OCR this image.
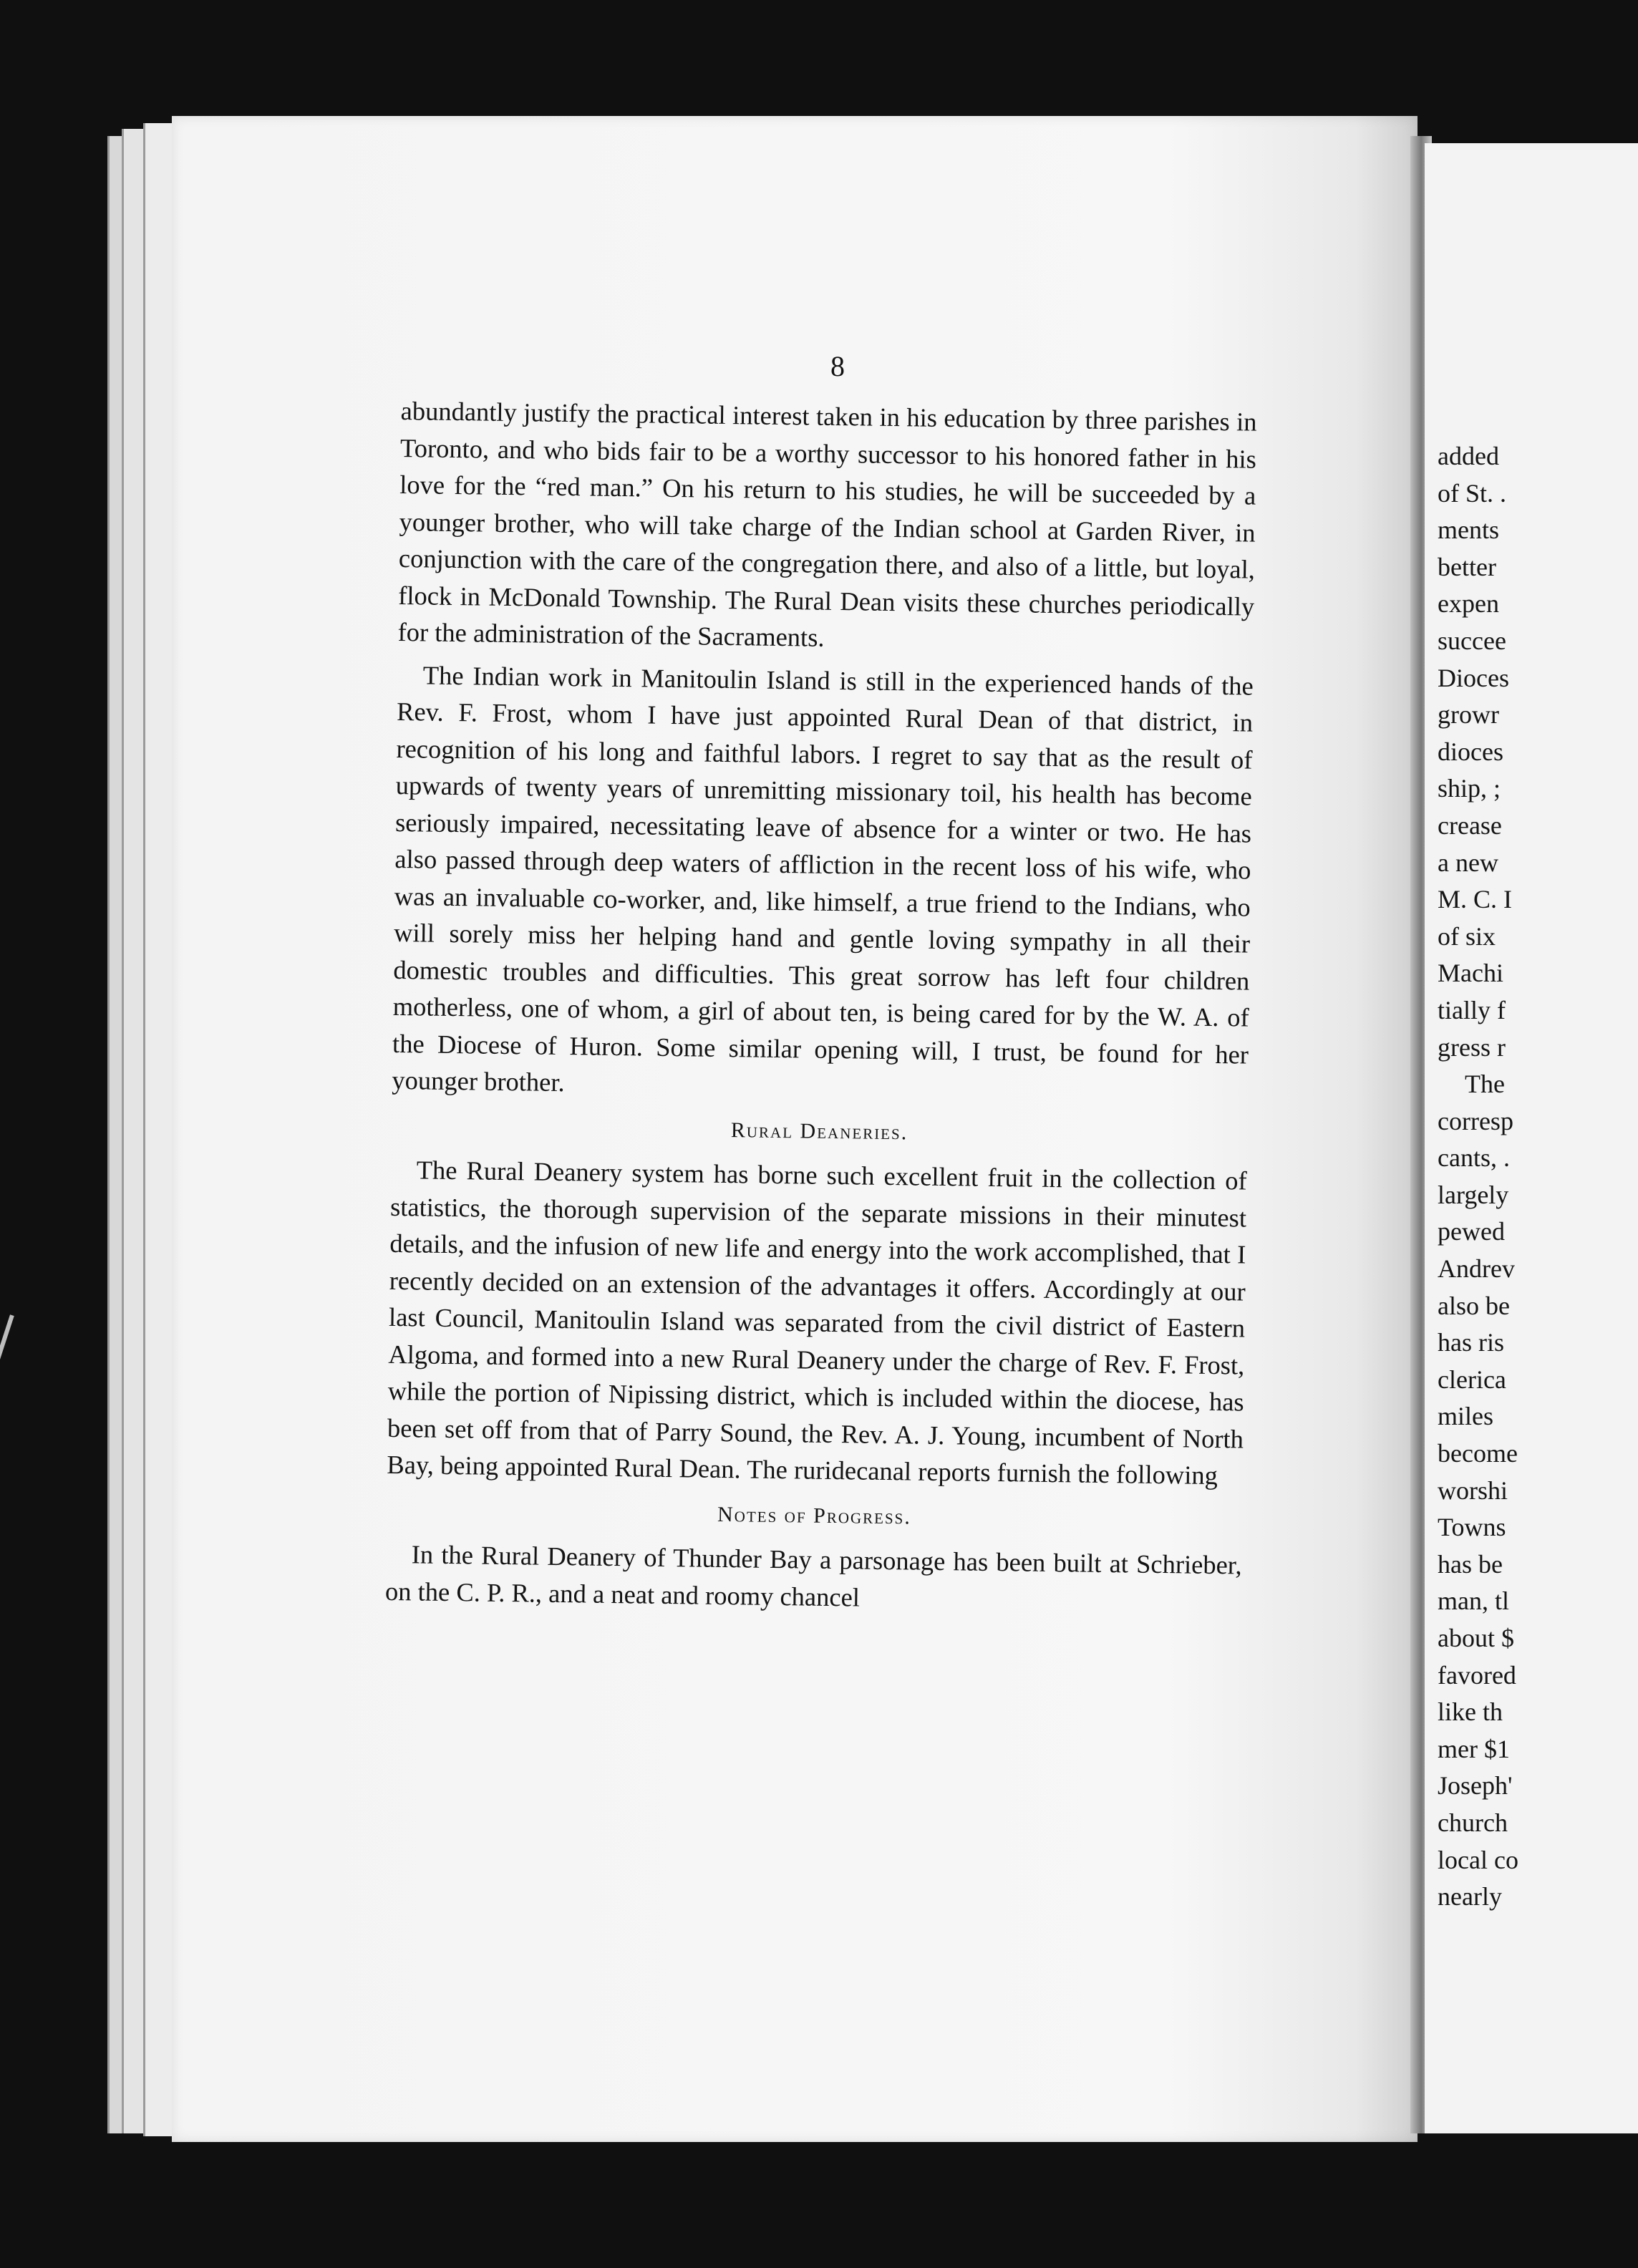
8

abundantly justify the practical interest taken in his education by three parishes in Toronto, and who bids fair to be a worthy successor to his honored father in his love for the “red man.” On his return to his studies, he will be succeeded by a younger brother, who will take charge of the Indian school at Garden River, in conjunction with the care of the congregation there, and also of a little, but loyal, flock in McDonald Township. The Rural Dean visits these churches periodically for the administration of the Sacraments.

The Indian work in Manitoulin Island is still in the experienced hands of the Rev. F. Frost, whom I have just appointed Rural Dean of that district, in recognition of his long and faithful labors. I regret to say that as the result of upwards of twenty years of unremitting missionary toil, his health has become seriously impaired, necessitating leave of absence for a winter or two. He has also passed through deep waters of affliction in the recent loss of his wife, who was an invaluable co-worker, and, like himself, a true friend to the Indians, who will sorely miss her helping hand and gentle loving sympathy in all their domestic troubles and difficulties. This great sorrow has left four children motherless, one of whom, a girl of about ten, is being cared for by the W. A. of the Diocese of Huron. Some similar opening will, I trust, be found for her younger brother.

Rural Deaneries.

The Rural Deanery system has borne such excellent fruit in the collection of statistics, the thorough supervision of the separate missions in their minutest details, and the infusion of new life and energy into the work accomplished, that I recently decided on an extension of the advantages it offers. Accordingly at our last Council, Manitoulin Island was separated from the civil district of Eastern Algoma, and formed into a new Rural Deanery under the charge of Rev. F. Frost, while the portion of Nipissing district, which is included within the diocese, has been set off from that of Parry Sound, the Rev. A. J. Young, incumbent of North Bay, being appointed Rural Dean. The ruridecanal reports furnish the following

Notes of Progress.

In the Rural Deanery of Thunder Bay a parsonage has been built at Schrieber, on the C. P. R., and a neat and roomy chancel

added
of St. .
ments
better
expen
succee
Dioces
growr
dioces
ship, ;
crease
a new
M. C. I
of six
Machi
tially f
gress r
The
corresp
cants, .
largely
pewed
Andrev
also be
has ris
clerica
miles
become
worshi
Towns
has be
man, tl
about $
favored
like th
mer $1
Joseph'
church
local co
nearly
